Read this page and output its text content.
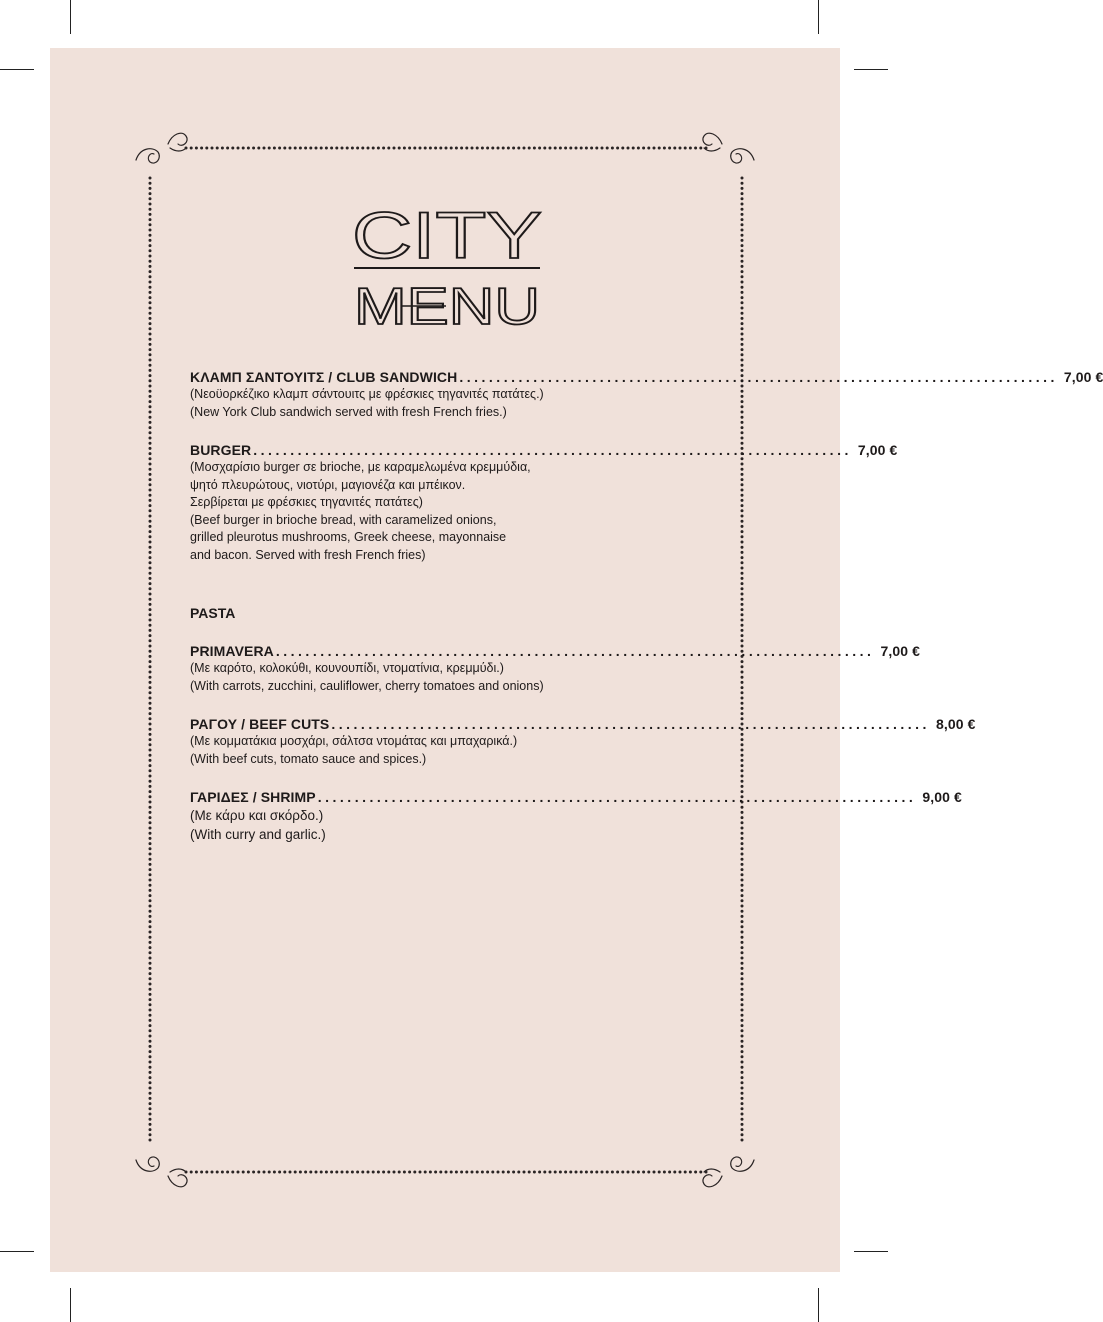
CITY
MENU
ΚΛΑΜΠ ΣΑΝΤΟΥΙΤΣ / CLUB SANDWICH ................................................................................. 7,00 €
(Νεοϋορκέζικο κλαμπ σάντουιτς με φρέσκιες τηγανιτές πατάτες.)
(New York Club sandwich served with fresh French fries.)
BURGER ................................................................................. 7,00 €
(Μοσχαρίσιο burger σε brioche, με καραμελωμένα κρεμμύδια,
ψητό πλευρώτους, νιοτύρι, μαγιονέζα και μπέικον.
Σερβίρεται με φρέσκιες τηγανιτές πατάτες)
(Beef burger in brioche bread, with caramelized onions,
grilled pleurotus mushrooms, Greek cheese, mayonnaise
and bacon. Served with fresh French fries)
PASTA
PRIMAVERA ................................................................................. 7,00 €
(Με καρότο, κολοκύθι, κουνουπίδι, ντοματίνια, κρεμμύδι.)
(With carrots, zucchini, cauliflower, cherry tomatoes and onions)
ΡΑΓΟΥ / BEEF CUTS ................................................................................. 8,00 €
(Με κομματάκια μοσχάρι, σάλτσα ντομάτας και μπαχαρικά.)
(With beef cuts, tomato sauce and spices.)
ΓΑΡΙΔΕΣ / SHRIMP ................................................................................. 9,00 €
(Με κάρυ και σκόρδο.)
(With curry and garlic.)
